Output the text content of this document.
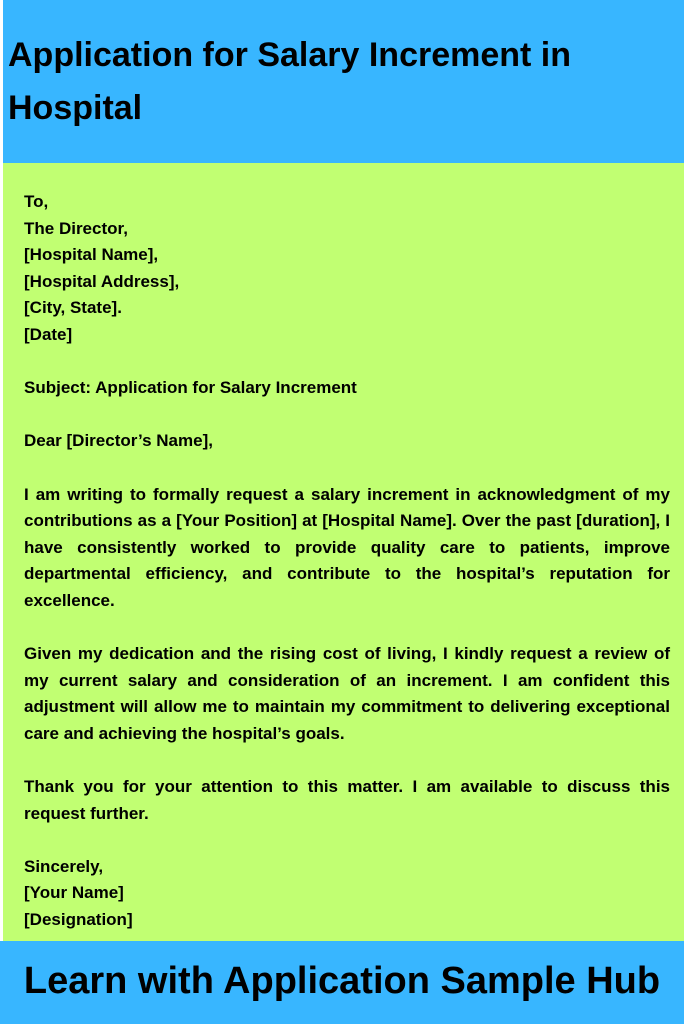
Application for Salary Increment in Hospital

To,
The Director,
[Hospital Name],
[Hospital Address],
[City, State].
[Date]

Subject: Application for Salary Increment

Dear [Director’s Name],

I am writing to formally request a salary increment in acknowledgment of my contributions as a [Your Position] at [Hospital Name]. Over the past [duration], I have consistently worked to provide quality care to patients, improve departmental efficiency, and contribute to the hospital’s reputation for excellence.

Given my dedication and the rising cost of living, I kindly request a review of my current salary and consideration of an increment. I am confident this adjustment will allow me to maintain my commitment to delivering exceptional care and achieving the hospital’s goals.

Thank you for your attention to this matter. I am available to discuss this request further.

Sincerely,
[Your Name]
[Designation]

Learn with Application Sample Hub
